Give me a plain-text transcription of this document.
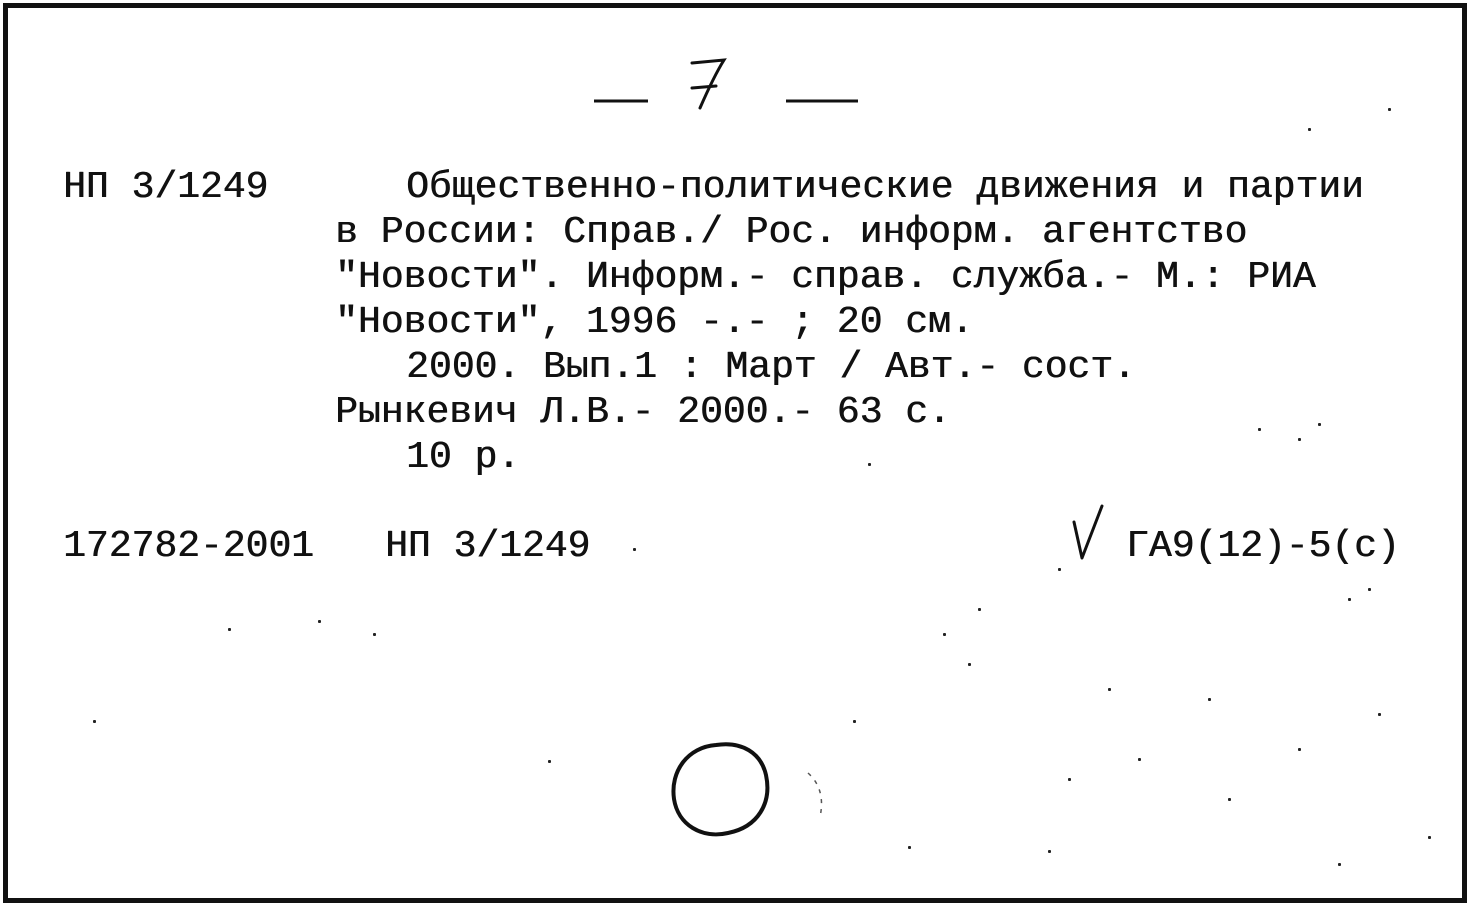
НП 3/1249	Общественно-политические движения и партии

в России: Справ./ Рос. информ. агентство

"Новости". Информ.- справ. служба.- М.: РИА

"Новости", 1996 -.- ; 20 см.

2000. Вып.1 : Март / Авт.- сост.

Рынкевич Л.В.- 2000.- 63 с.

10 р.

172782-2001 НП 3/1249	ГА9(12)-5(с)
